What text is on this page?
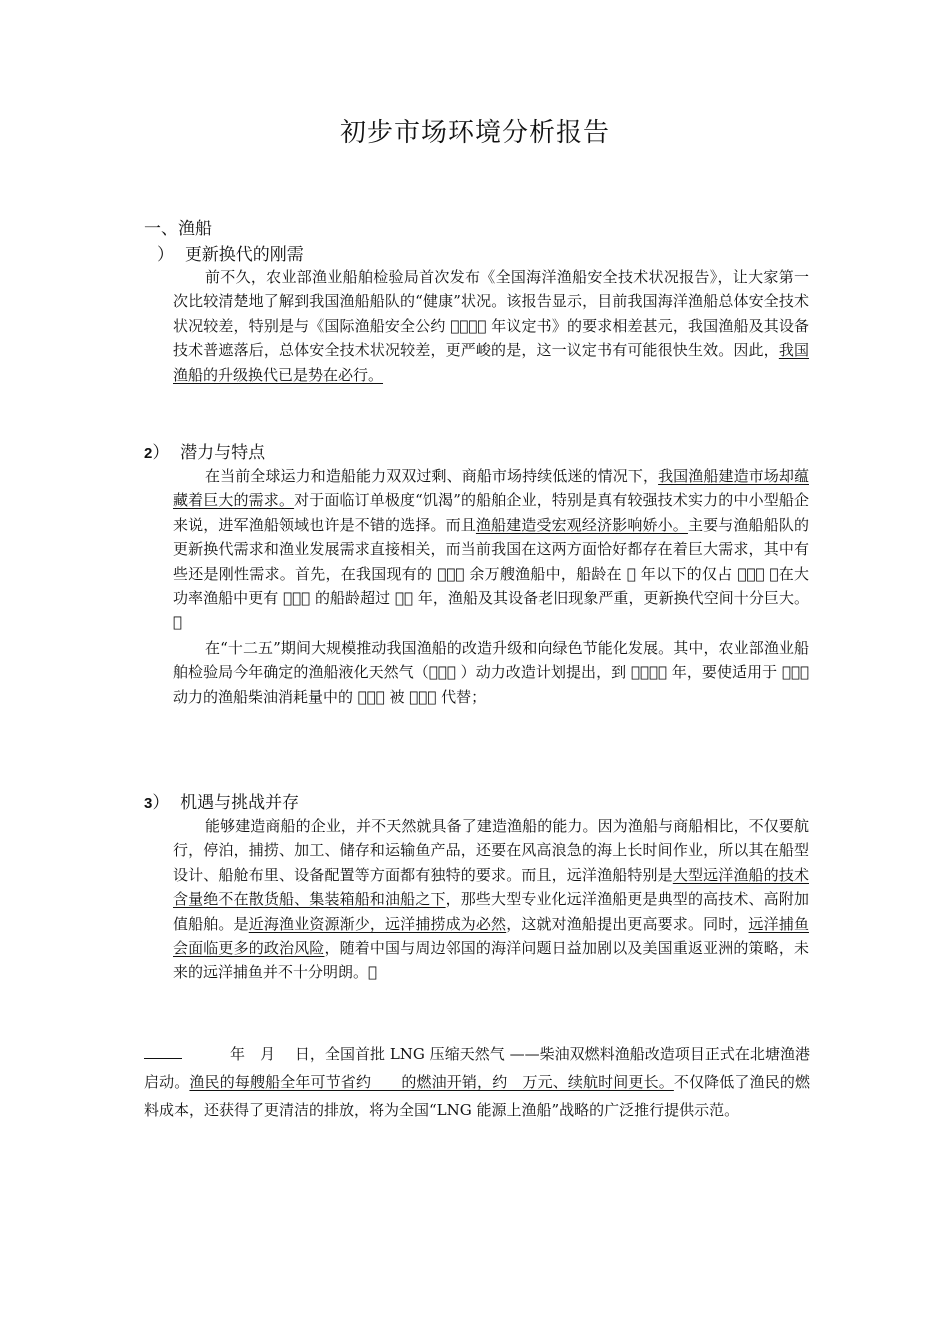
初步市场环境分析报告
一、渔船
） 更新换代的刚需
前不久，农业部渔业船舶检验局首次发布《全国海洋渔船安全技术状况报告》，让大家第一次比较清楚地了解到我国渔船船队的“健康”状况。该报告显示，目前我国海洋渔船总体安全技术状况较差，特别是与《国际渔船安全公约 ￿￿￿￿ 年议定书》的要求相差甚元，我国渔船及其设备技术普遮落后，总体安全技术状况较差，更严峻的是，这一议定书有可能很快生效。因此，我国渔船的升级换代已是势在必行。
2） 潜力与特点
在当前全球运力和造船能力双双过剩、商船市场持续低迷的情况下，我国渔船建造市场却蕴藏着巨大的需求。对于面临订单极度“饥渴”的船舶企业，特别是真有较强技术实力的中小型船企来说，进军渔船领域也许是不错的选择。而且渔船建造受宏观经济影响娇小。主要与渔船船队的更新换代需求和渔业发展需求直接相关，而当前我国在这两方面恰好都存在着巨大需求，其中有些还是刚性需求。首先，在我国现有的 ￿￿￿ 余万艘渔船中，船龄在 ￿ 年以下的仅占 ￿￿￿ ，在大功率渔船中更有 ￿￿￿ 的船龄超过 ￿￿ 年，渔船及其设备老旧现象严重，更新换代空间十分巨大。￿
在“十二五”期间大规模推动我国渔船的改造升级和向绿色节能化发展。其中，农业部渔业船舶检验局今年确定的渔船液化天然气（￿￿￿ ）动力改造计划提出，到 ￿￿￿￿ 年，要使适用于 ￿￿￿ 动力的渔船柴油消耗量中的 ￿￿￿ 被 ￿￿￿ 代替；
3） 机遇与挑战并存
能够建造商船的企业，并不天然就具备了建造渔船的能力。因为渔船与商船相比，不仅要航行，停泊，捕捞、加工、储存和运输鱼产品，还要在风高浪急的海上长时间作业，所以其在船型设计、船舱布里、设备配置等方面都有独特的要求。而且，远洋渔船特别是大型远洋渔船的技术含量绝不在散货船、集装箱船和油船之下，那些大型专业化远洋渔船更是典型的高技术、高附加值船舶。是近海渔业资源渐少，远洋捕捞成为必然，这就对渔船提出更高要求。同时，远洋捕鱼会面临更多的政治风险，随着中国与周边邻国的海洋问题日益加剧以及美国重返亚洲的策略，未来的远洋捕鱼并不十分明朗。￿
年　月　 日，全国首批 LNG 压缩天然气 ——柴油双燃料渔船改造项目正式在北塘渔港启动。渔民的每艘船全年可节省约　　的燃油开销，约　万元、续航时间更长。不仅降低了渔民的燃料成本，还获得了更清洁的排放，将为全国“LNG 能源上渔船”战略的广泛推行提供示范。
